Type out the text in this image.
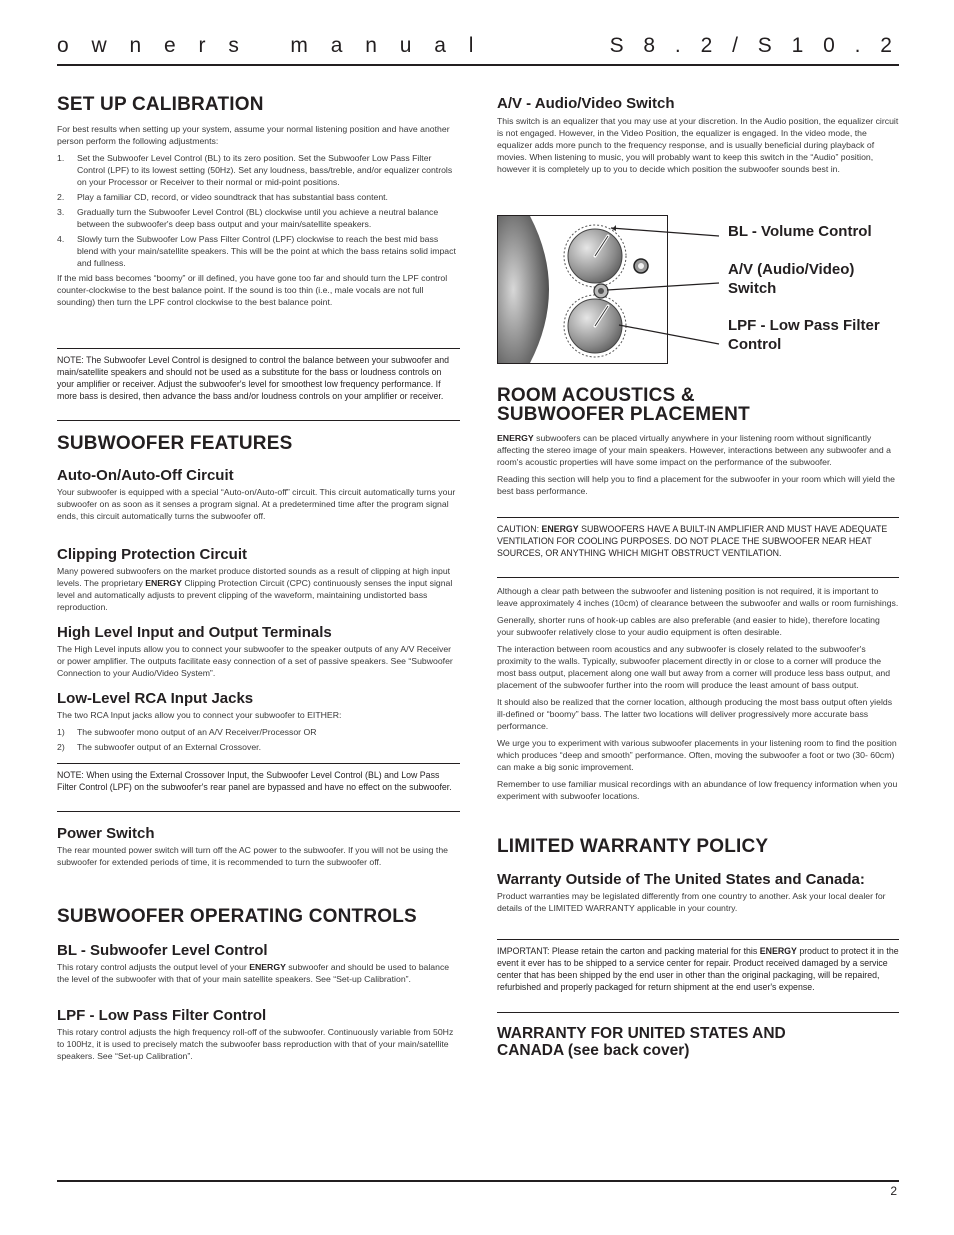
o w n e r s   m a n u a l	S 8 . 2 / S 1 0 . 2
SET UP CALIBRATION

For best results when setting up your system, assume your normal listening position and have another person perform the following adjustments:

1. Set the Subwoofer Level Control (BL) to its zero position. Set the Subwoofer Low Pass Filter Control (LPF) to its lowest setting (50Hz). Set any loudness, bass/treble, and/or equalizer controls on your Processor or Receiver to their normal or mid-point positions.
2. Play a familiar CD, record, or video soundtrack that has substantial bass content.
3. Gradually turn the Subwoofer Level Control (BL) clockwise until you achieve a neutral balance between the subwoofer's deep bass output and your main/satellite speakers.
4. Slowly turn the Subwoofer Low Pass Filter Control (LPF) clockwise to reach the best mid bass blend with your main/satellite speakers. This will be the point at which the bass retains solid impact and fullness.

If the mid bass becomes “boomy” or ill defined, you have gone too far and should turn the LPF control counter-clockwise to the best balance point. If the sound is too thin (i.e., male vocals are not full sounding) then turn the LPF control clockwise to the best balance point.

NOTE: The Subwoofer Level Control is designed to control the balance between your subwoofer and main/satellite speakers and should not be used as a substitute for the bass or loudness controls on your amplifier or receiver. Adjust the subwoofer's level for smoothest low frequency performance. If more bass is desired, then advance the bass and/or loudness controls on your amplifier or receiver.

SUBWOOFER FEATURES
Auto-On/Auto-Off Circuit

Your subwoofer is equipped with a special “Auto-on/Auto-off” circuit. This circuit automatically turns your subwoofer on as soon as it senses a program signal. At a predetermined time after the program signal ends, this circuit automatically turns the subwoofer off.

Clipping Protection Circuit

Many powered subwoofers on the market produce distorted sounds as a result of clipping at high input levels. The proprietary ENERGY Clipping Protection Circuit (CPC) continuously senses the input signal level and automatically adjusts to prevent clipping of the waveform, maintaining undistorted bass reproduction.

High Level Input and Output Terminals

The High Level inputs allow you to connect your subwoofer to the speaker outputs of any A/V Receiver or power amplifier. The outputs facilitate easy connection of a set of passive speakers. See “Subwoofer Connection to your Audio/Video System”.

Low-Level RCA Input Jacks

The two RCA Input jacks allow you to connect your subwoofer to EITHER:

1) The subwoofer mono output of an A/V Receiver/Processor OR
2) The subwoofer output of an External Crossover.

NOTE: When using the External Crossover Input, the Subwoofer Level Control (BL) and Low Pass Filter Control (LPF) on the subwoofer's rear panel are bypassed and have no effect on the subwoofer.

Power Switch

The rear mounted power switch will turn off the AC power to the subwoofer. If you will not be using the subwoofer for extended periods of time, it is recommended to turn the subwoofer off.

SUBWOOFER OPERATING CONTROLS
BL - Subwoofer Level Control

This rotary control adjusts the output level of your ENERGY subwoofer and should be used to balance the level of the subwoofer with that of your main satellite speakers. See “Set-up Calibration”.

LPF - Low Pass Filter Control

This rotary control adjusts the high frequency roll-off of the subwoofer. Continuously variable from 50Hz to 100Hz, it is used to precisely match the subwoofer bass reproduction with that of your main/satellite speakers. See “Set-up Calibration”.

A/V - Audio/Video Switch

This switch is an equalizer that you may use at your discretion. In the Audio position, the equalizer circuit is not engaged. However, in the Video Position, the equalizer is engaged. In the video mode, the equalizer adds more punch to the frequency response, and is usually beneficial during playback of movies. When listening to music, you will probably want to keep this switch in the “Audio” position, however it is completely up to you to decide which position the subwoofer sounds best in.

BL - Volume Control
A/V (Audio/Video) Switch
LPF - Low Pass Filter Control
ROOM ACOUSTICS &
SUBWOOFER PLACEMENT

ENERGY subwoofers can be placed virtually anywhere in your listening room without significantly affecting the stereo image of your main speakers. However, interactions between any subwoofer and a room's acoustic properties will have some impact on the performance of the subwoofer.

Reading this section will help you to find a placement for the subwoofer in your room which will yield the best bass performance.

CAUTION: ENERGY SUBWOOFERS HAVE A BUILT-IN AMPLIFIER AND MUST HAVE ADEQUATE VENTILATION FOR COOLING PURPOSES. DO NOT PLACE THE SUBWOOFER NEAR HEAT SOURCES, OR ANYTHING WHICH MIGHT OBSTRUCT VENTILATION.

Although a clear path between the subwoofer and listening position is not required, it is important to leave approximately 4 inches (10cm) of clearance between the subwoofer and walls or room furnishings.

Generally, shorter runs of hook-up cables are also preferable (and easier to hide), therefore locating your subwoofer relatively close to your audio equipment is often desirable.

The interaction between room acoustics and any subwoofer is closely related to the subwoofer's proximity to the walls. Typically, subwoofer placement directly in or close to a corner will produce the most bass output, placement along one wall but away from a corner will produce less bass output, and placement of the subwoofer further into the room will produce the least amount of bass output.

It should also be realized that the corner location, although producing the most bass output often yields ill-defined or “boomy” bass. The latter two locations will deliver progressively more accurate bass performance.

We urge you to experiment with various subwoofer placements in your listening room to find the position which produces “deep and smooth” performance. Often, moving the subwoofer a foot or two (30- 60cm) can make a big sonic improvement.

Remember to use familiar musical recordings with an abundance of low frequency information when you experiment with subwoofer locations.

LIMITED WARRANTY POLICY
Warranty Outside of The United States and Canada:

Product warranties may be legislated differently from one country to another. Ask your local dealer for details of the LIMITED WARRANTY applicable in your country.

IMPORTANT: Please retain the carton and packing material for this ENERGY product to protect it in the event it ever has to be shipped to a service center for repair. Product received damaged by a service center that has been shipped by the end user in other than the original packaging, will be repaired, refurbished and properly packaged for return shipment at the end user's expense.

WARRANTY FOR UNITED STATES AND
CANADA (see back cover)
2
